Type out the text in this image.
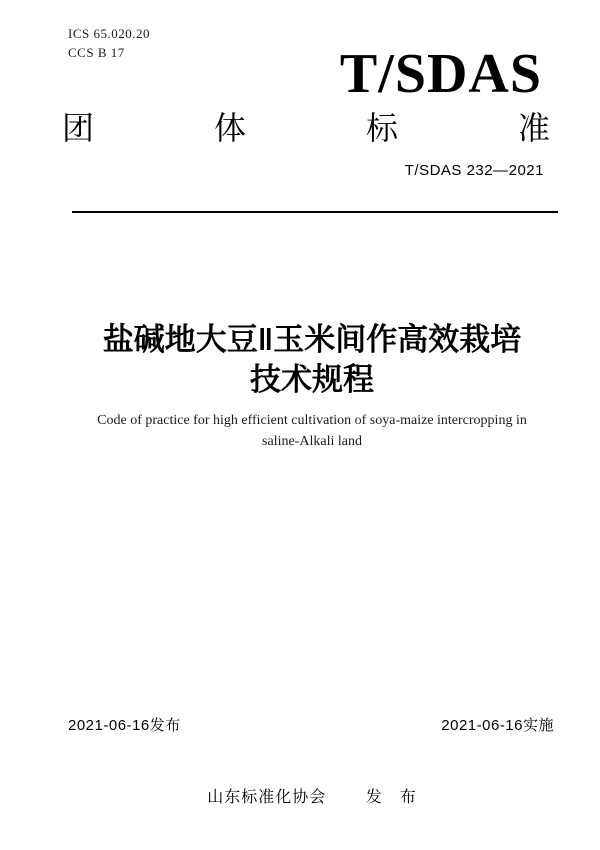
ICS 65.020.20
CCS B 17	T/SDAS
团	体	标	准
T/SDAS 232—2021
盐碱地大豆‖玉米间作高效栽培
技术规程
Code of practice for high efficient cultivation of soya-maize intercropping in
saline-Alkali land
2021-06-16发布	2021-06-16实施
山东标准化协会 发　布
